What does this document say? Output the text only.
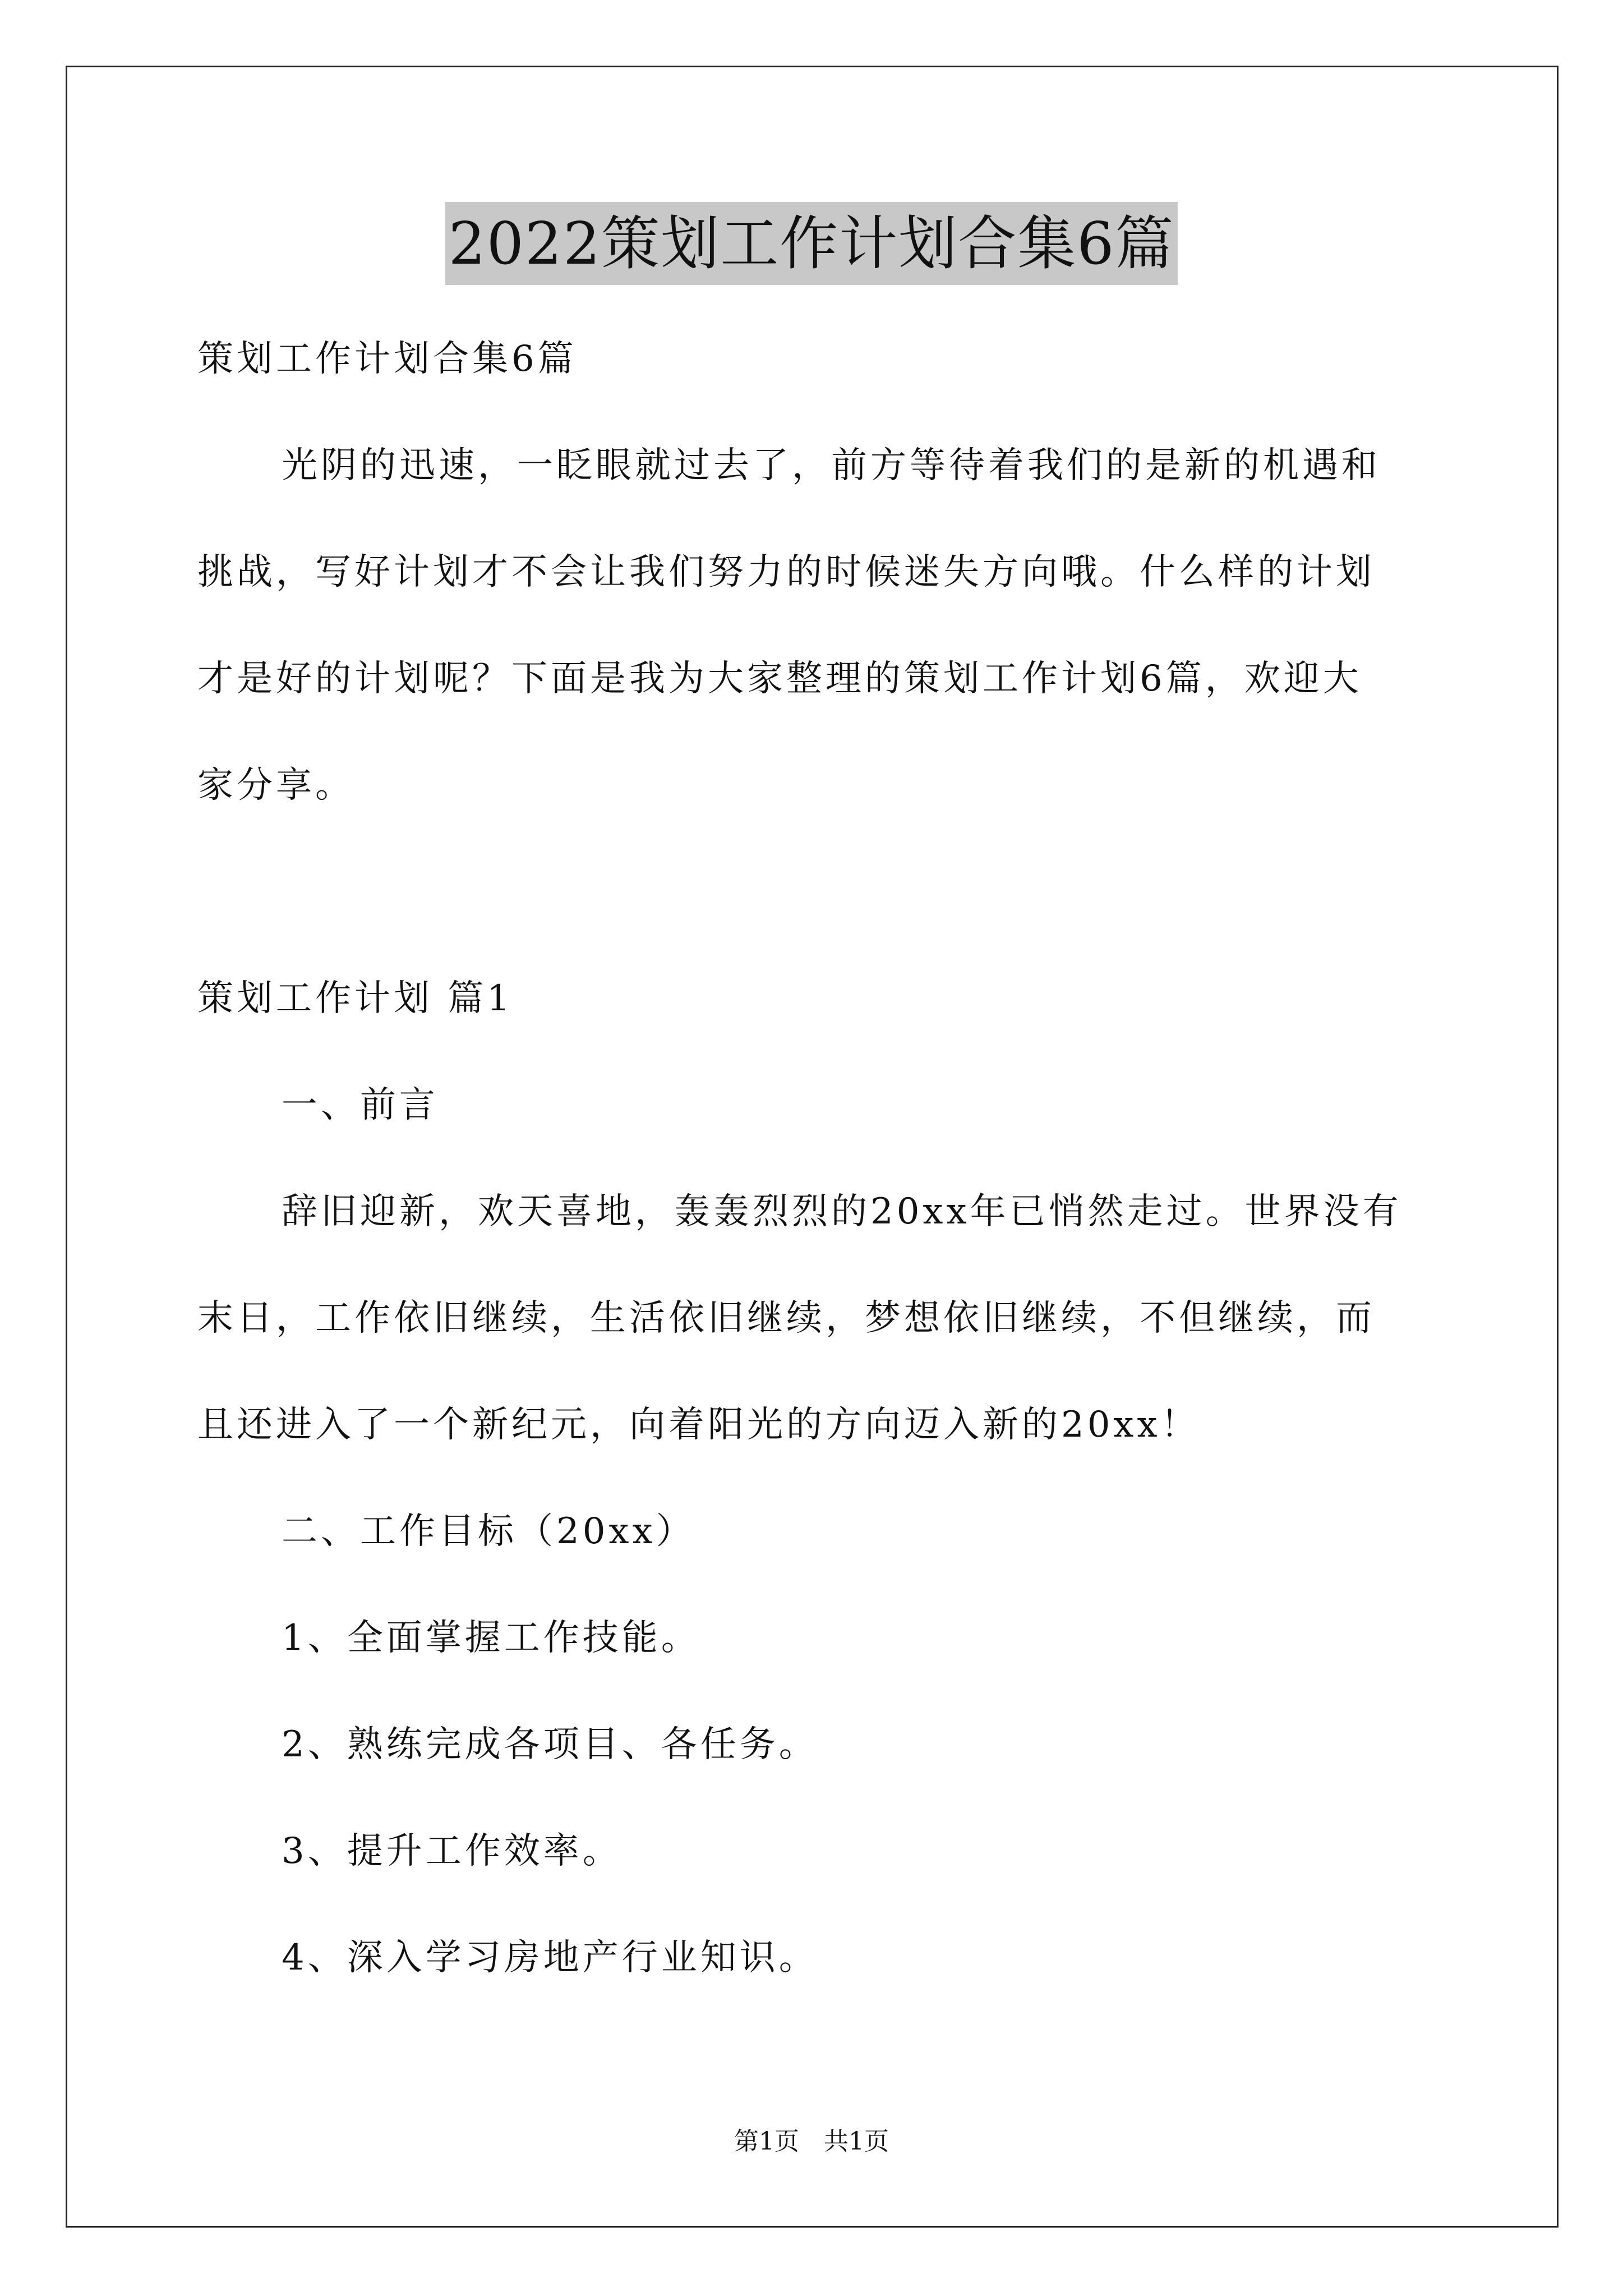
2022策划工作计划合集6篇
策划工作计划合集6篇
光阴的迅速，一眨眼就过去了，前方等待着我们的是新的机遇和
挑战，写好计划才不会让我们努力的时候迷失方向哦。什么样的计划
才是好的计划呢？下面是我为大家整理的策划工作计划6篇，欢迎大
家分享。
策划工作计划 篇1
一、前言
辞旧迎新，欢天喜地，轰轰烈烈的20xx年已悄然走过。世界没有
末日，工作依旧继续，生活依旧继续，梦想依旧继续，不但继续，而
且还进入了一个新纪元，向着阳光的方向迈入新的20xx！
二、工作目标（20xx）
1、全面掌握工作技能。
2、熟练完成各项目、各任务。
3、提升工作效率。
4、深入学习房地产行业知识。
第1页　共1页
